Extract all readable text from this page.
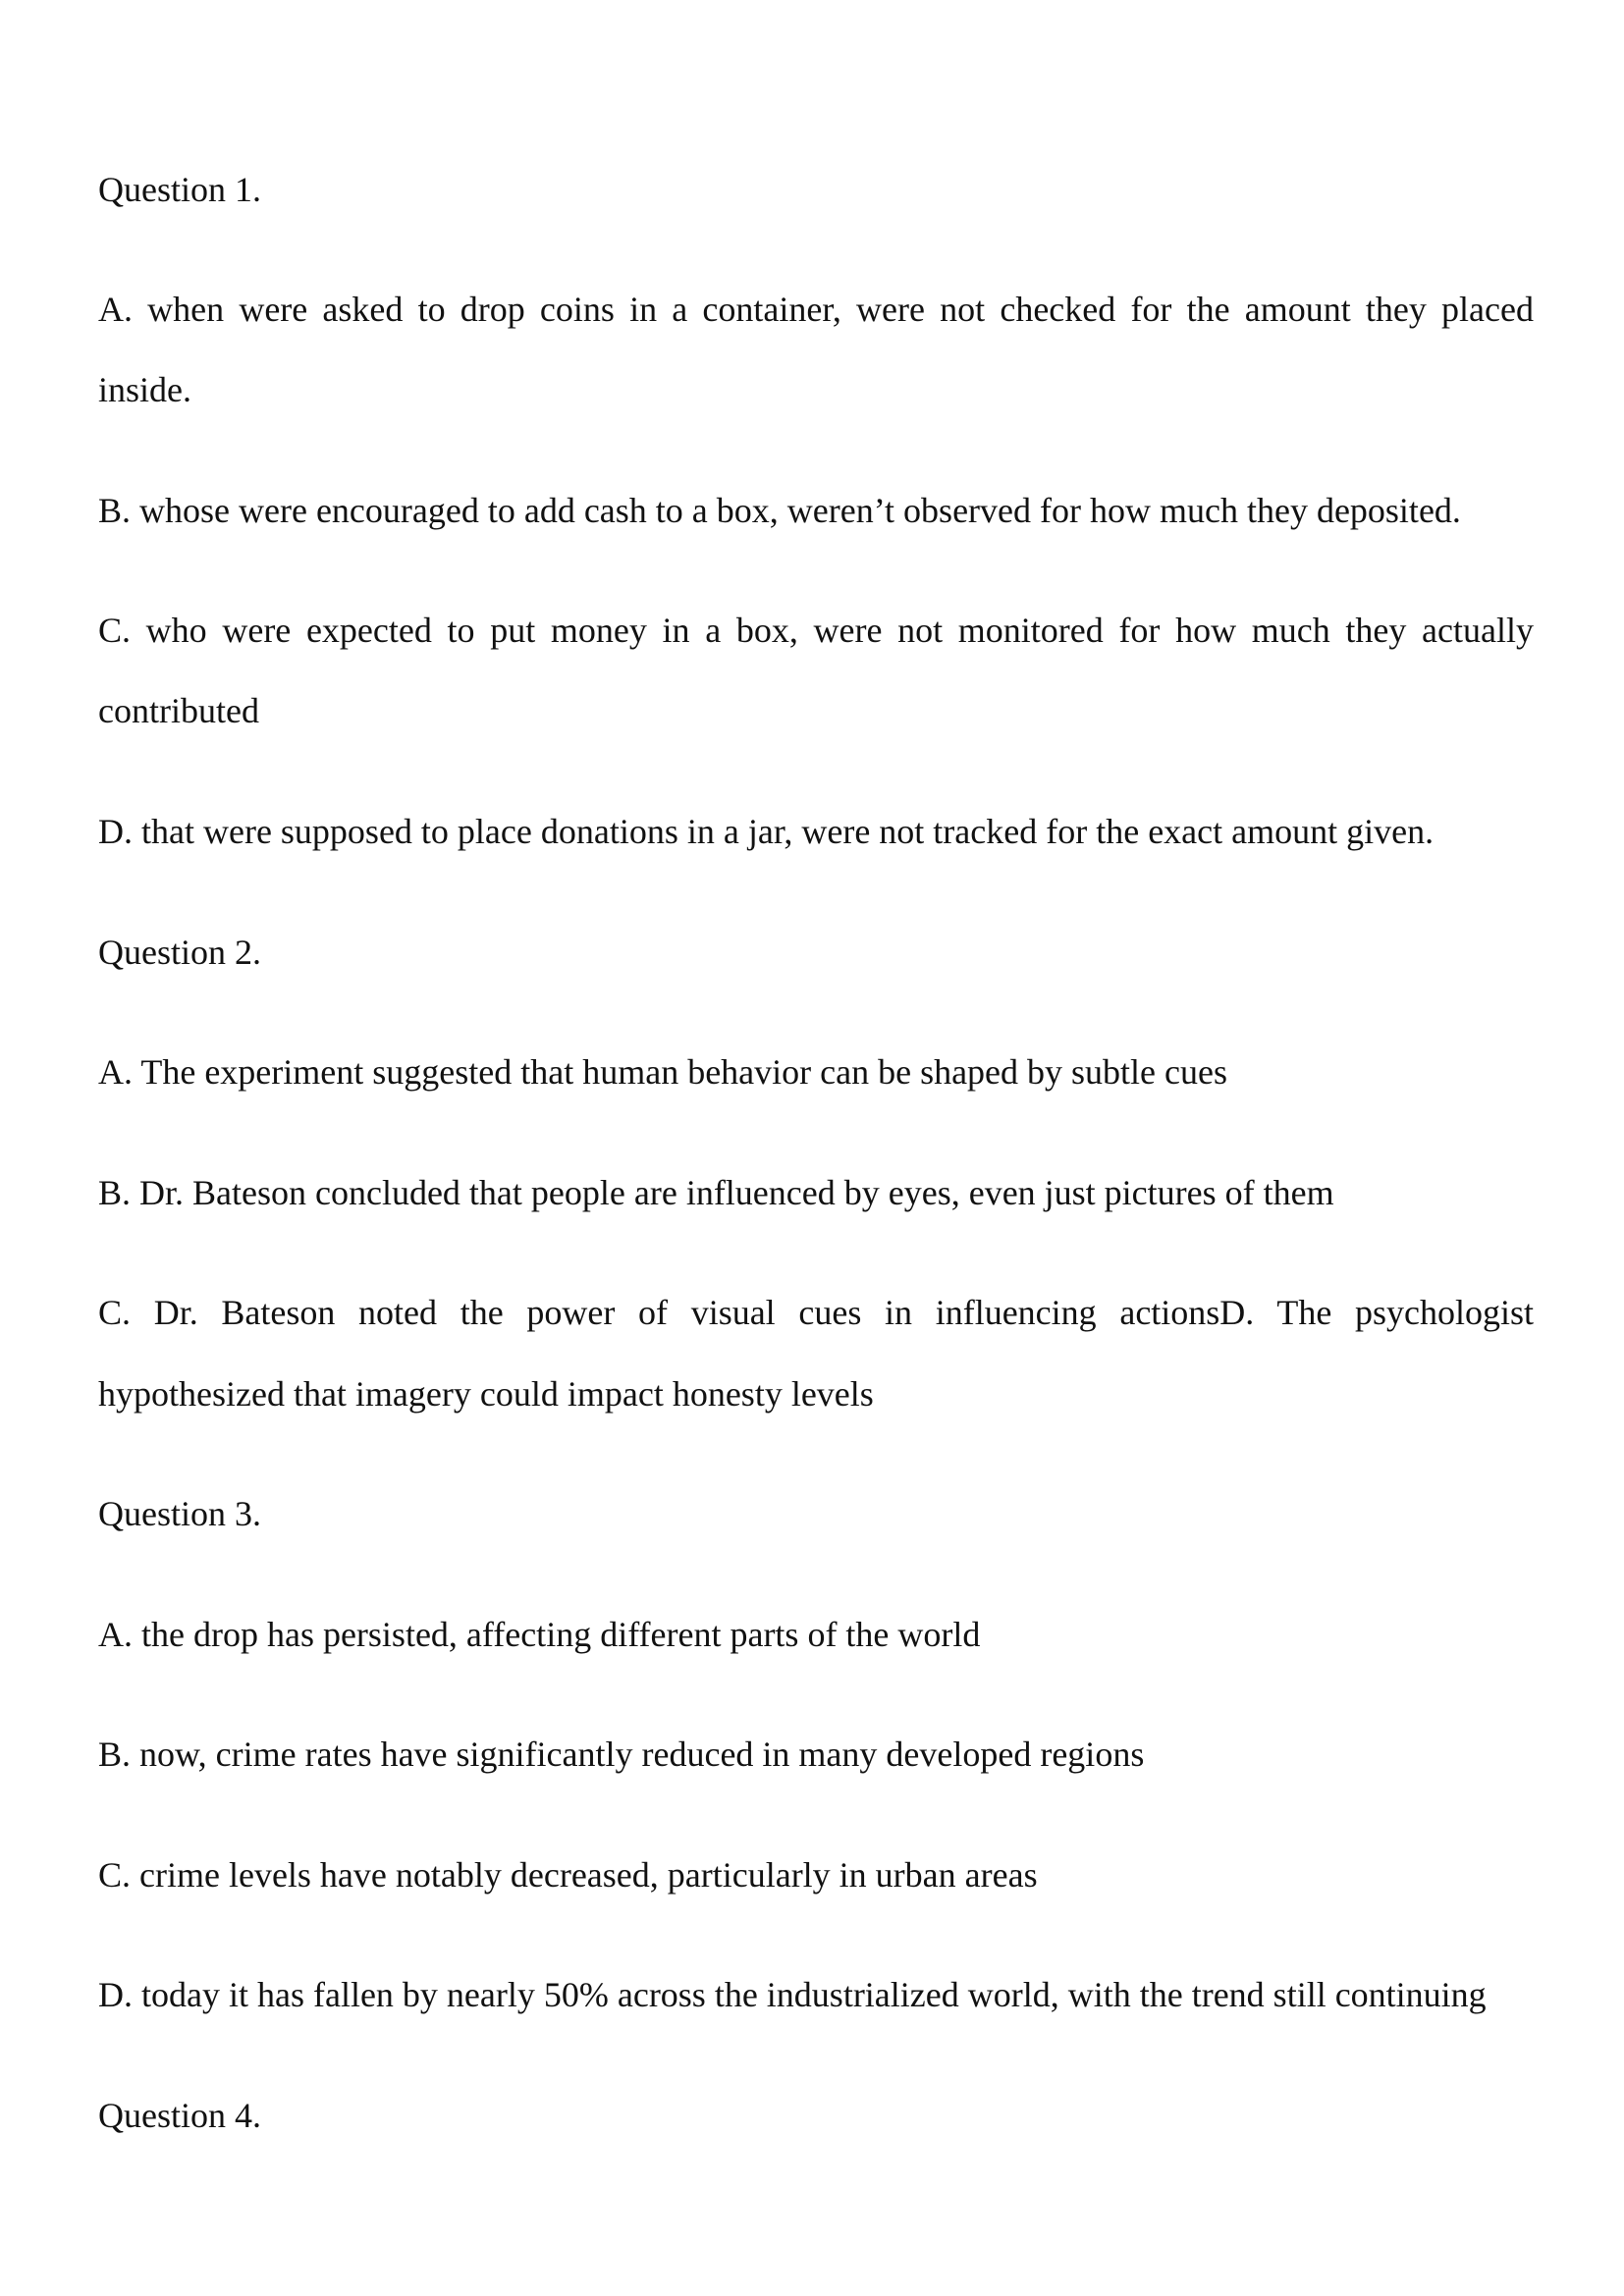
Question 1.
A. when were asked to drop coins in a container, were not checked for the amount they placed
inside.
B. whose were encouraged to add cash to a box, weren’t observed for how much they deposited.
C. who were expected to put money in a box, were not monitored for how much they actually
contributed
D. that were supposed to place donations in a jar, were not tracked for the exact amount given.
Question 2.
A. The experiment suggested that human behavior can be shaped by subtle cues
B. Dr. Bateson concluded that people are influenced by eyes, even just pictures of them
C. Dr. Bateson noted the power of visual cues in influencing actionsD. The psychologist
hypothesized that imagery could impact honesty levels
Question 3.
A. the drop has persisted, affecting different parts of the world
B. now, crime rates have significantly reduced in many developed regions
C. crime levels have notably decreased, particularly in urban areas
D. today it has fallen by nearly 50% across the industrialized world, with the trend still continuing
Question 4.
